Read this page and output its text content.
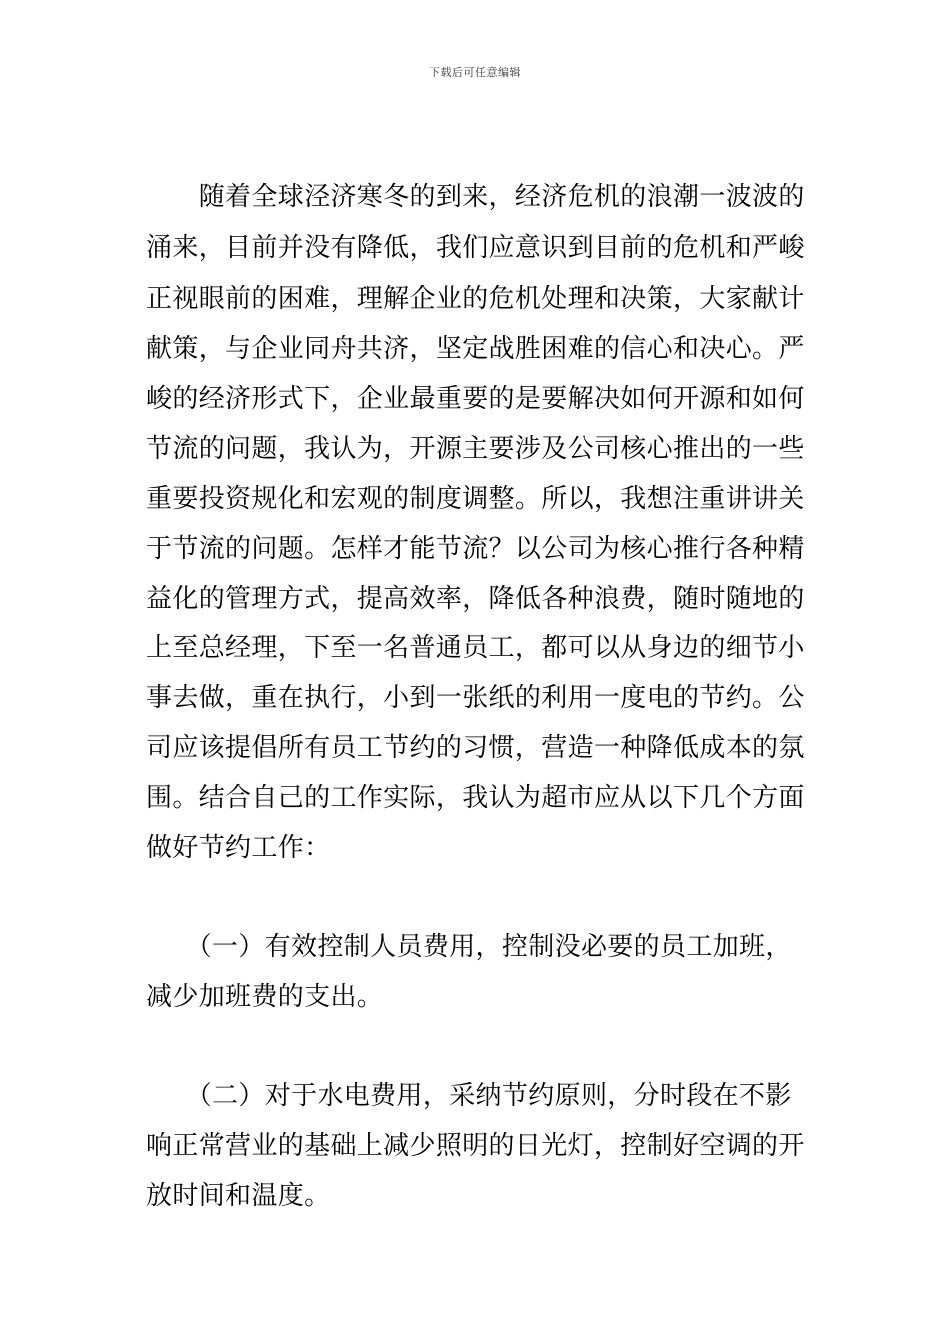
下载后可任意编辑

　　随着全球泾济寒冬的到来，经济危机的浪潮一波波的

涌来，目前并没有降低，我们应意识到目前的危机和严峻

正视眼前的困难，理解企业的危机处理和决策，大家献计

献策，与企业同舟共济，坚定战胜困难的信心和决心。严

峻的经济形式下，企业最重要的是要解决如何开源和如何

节流的问题，我认为，开源主要涉及公司核心推出的一些

重要投资规化和宏观的制度调整。所以，我想注重讲讲关

于节流的问题。怎样才能节流？以公司为核心推行各种精

益化的管理方式，提高效率，降低各种浪费，随时随地的

上至总经理，下至一名普通员工，都可以从身边的细节小

事去做，重在执行，小到一张纸的利用一度电的节约。公

司应该提倡所有员工节约的习惯，营造一种降低成本的氛

围。结合自己的工作实际，我认为超市应从以下几个方面

做好节约工作：

　　（一）有效控制人员费用，控制没必要的员工加班，

减少加班费的支出。

　　（二）对于水电费用，采纳节约原则，分时段在不影

响正常营业的基础上减少照明的日光灯，控制好空调的开

放时间和温度。
